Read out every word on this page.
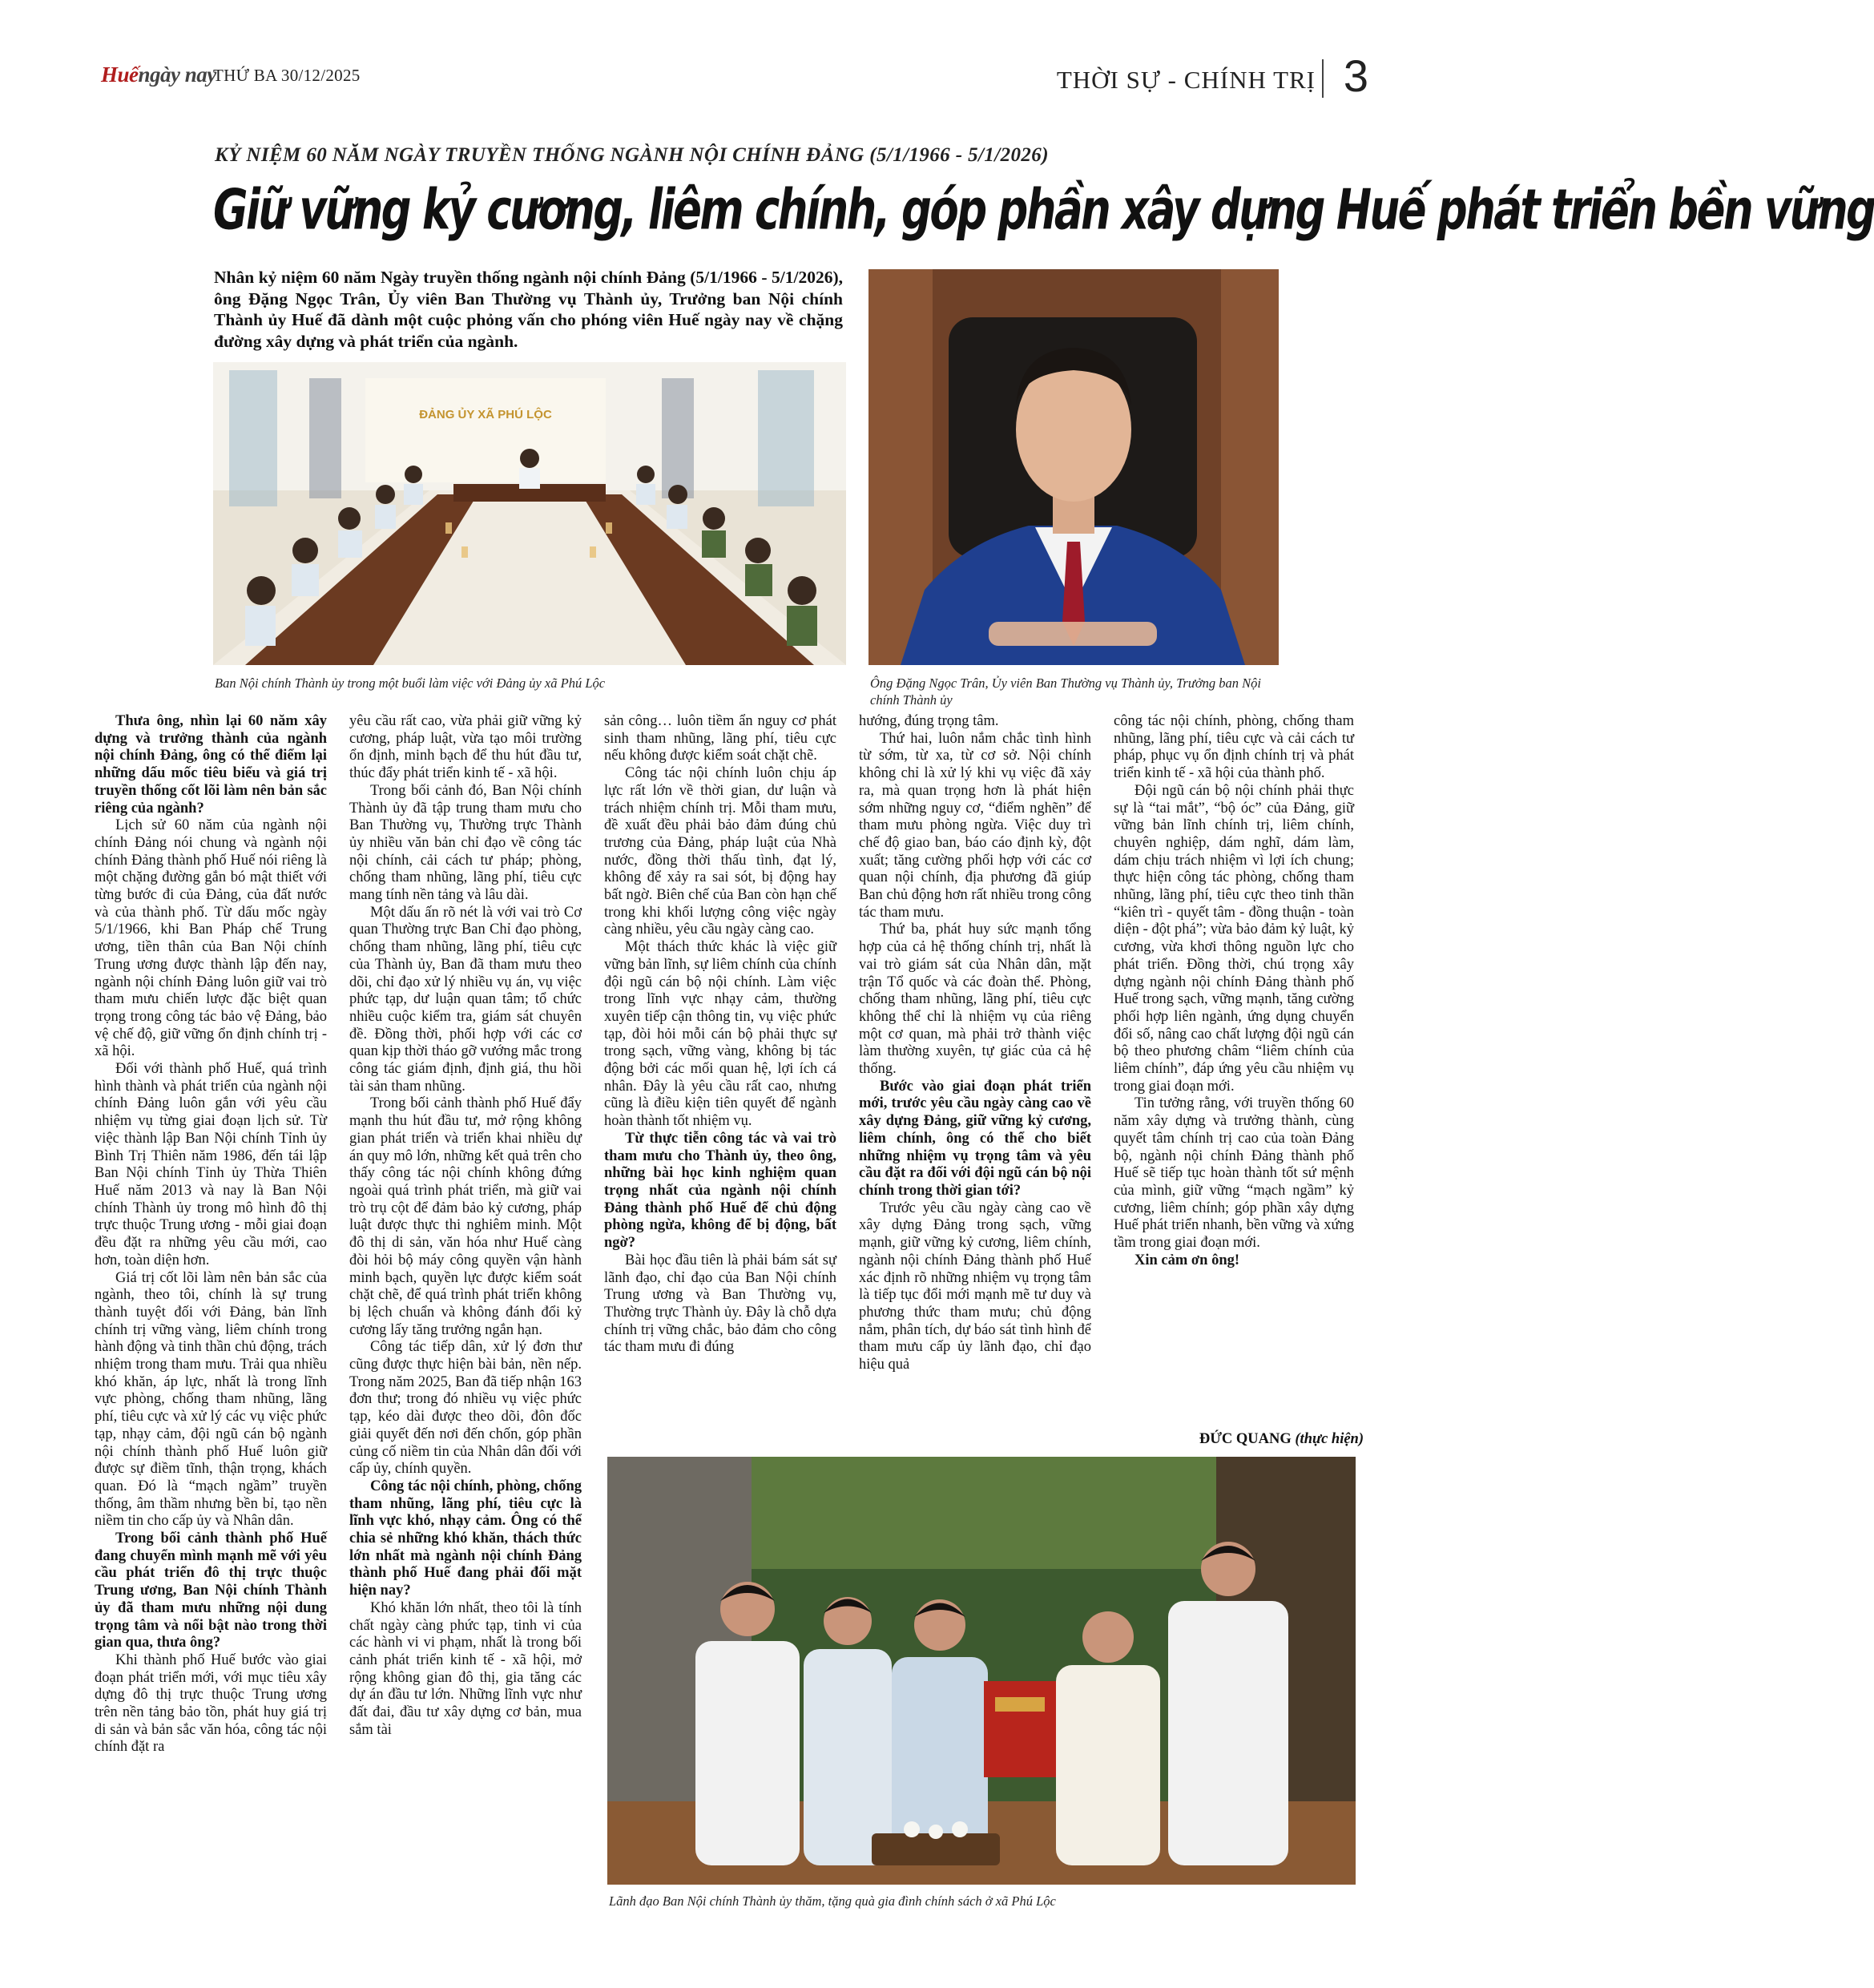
Huếngày nay
THỨ BA 30/12/2025	THỜI SỰ - CHÍNH TRỊ 3
KỶ NIỆM 60 NĂM NGÀY TRUYỀN THỐNG NGÀNH NỘI CHÍNH ĐẢNG (5/1/1966 - 5/1/2026)
Giữ vững kỷ cương, liêm chính, góp phần xây dựng Huế phát triển bền vững
Nhân kỷ niệm 60 năm Ngày truyền thống ngành nội chính Đảng (5/1/1966 - 5/1/2026), ông Đặng Ngọc Trân, Ủy viên Ban Thường vụ Thành ủy, Trưởng ban Nội chính Thành ủy Huế đã dành một cuộc phỏng vấn cho phóng viên Huế ngày nay về chặng đường xây dựng và phát triển của ngành.
ĐẢNG ỦY XÃ PHÚ LỘC
Ban Nội chính Thành ủy trong một buổi làm việc với Đảng ủy xã Phú Lộc	Ông Đặng Ngọc Trân, Ủy viên Ban Thường vụ Thành ủy, Trưởng ban Nội chính Thành ủy

Thưa ông, nhìn lại 60 năm xây dựng và trưởng thành của ngành nội chính Đảng, ông có thể điểm lại những dấu mốc tiêu biểu và giá trị truyền thống cốt lõi làm nên bản sắc riêng của ngành?

Lịch sử 60 năm của ngành nội chính Đảng nói chung và ngành nội chính Đảng thành phố Huế nói riêng là một chặng đường gắn bó mật thiết với từng bước đi của Đảng, của đất nước và của thành phố. Từ dấu mốc ngày 5/1/1966, khi Ban Pháp chế Trung ương, tiền thân của Ban Nội chính Trung ương được thành lập đến nay, ngành nội chính Đảng luôn giữ vai trò tham mưu chiến lược đặc biệt quan trọng trong công tác bảo vệ Đảng, bảo vệ chế độ, giữ vững ổn định chính trị - xã hội.

Đối với thành phố Huế, quá trình hình thành và phát triển của ngành nội chính Đảng luôn gắn với yêu cầu nhiệm vụ từng giai đoạn lịch sử. Từ việc thành lập Ban Nội chính Tỉnh ủy Bình Trị Thiên năm 1986, đến tái lập Ban Nội chính Tỉnh ủy Thừa Thiên Huế năm 2013 và nay là Ban Nội chính Thành ủy trong mô hình đô thị trực thuộc Trung ương - mỗi giai đoạn đều đặt ra những yêu cầu mới, cao hơn, toàn diện hơn.

Giá trị cốt lõi làm nên bản sắc của ngành, theo tôi, chính là sự trung thành tuyệt đối với Đảng, bản lĩnh chính trị vững vàng, liêm chính trong hành động và tinh thần chủ động, trách nhiệm trong tham mưu. Trải qua nhiều khó khăn, áp lực, nhất là trong lĩnh vực phòng, chống tham nhũng, lãng phí, tiêu cực và xử lý các vụ việc phức tạp, nhạy cảm, đội ngũ cán bộ ngành nội chính thành phố Huế luôn giữ được sự điềm tĩnh, thận trọng, khách quan. Đó là “mạch ngầm” truyền thống, âm thầm nhưng bền bỉ, tạo nền niềm tin cho cấp ủy và Nhân dân.

Trong bối cảnh thành phố Huế đang chuyển mình mạnh mẽ với yêu cầu phát triển đô thị trực thuộc Trung ương, Ban Nội chính Thành ủy đã tham mưu những nội dung trọng tâm và nổi bật nào trong thời gian qua, thưa ông?

Khi thành phố Huế bước vào giai đoạn phát triển mới, với mục tiêu xây dựng đô thị trực thuộc Trung ương trên nền tảng bảo tồn, phát huy giá trị di sản và bản sắc văn hóa, công tác nội chính đặt ra

yêu cầu rất cao, vừa phải giữ vững kỷ cương, pháp luật, vừa tạo môi trường ổn định, minh bạch để thu hút đầu tư, thúc đẩy phát triển kinh tế - xã hội.

Trong bối cảnh đó, Ban Nội chính Thành ủy đã tập trung tham mưu cho Ban Thường vụ, Thường trực Thành ủy nhiều văn bản chỉ đạo về công tác nội chính, cải cách tư pháp; phòng, chống tham nhũng, lãng phí, tiêu cực mang tính nền tảng và lâu dài.

Một dấu ấn rõ nét là với vai trò Cơ quan Thường trực Ban Chỉ đạo phòng, chống tham nhũng, lãng phí, tiêu cực của Thành ủy, Ban đã tham mưu theo dõi, chỉ đạo xử lý nhiều vụ án, vụ việc phức tạp, dư luận quan tâm; tổ chức nhiều cuộc kiểm tra, giám sát chuyên đề. Đồng thời, phối hợp với các cơ quan kịp thời tháo gỡ vướng mắc trong công tác giám định, định giá, thu hồi tài sản tham nhũng.

Trong bối cảnh thành phố Huế đẩy mạnh thu hút đầu tư, mở rộng không gian phát triển và triển khai nhiều dự án quy mô lớn, những kết quả trên cho thấy công tác nội chính không đứng ngoài quá trình phát triển, mà giữ vai trò trụ cột để đảm bảo kỷ cương, pháp luật được thực thi nghiêm minh. Một đô thị di sản, văn hóa như Huế càng đòi hỏi bộ máy công quyền vận hành minh bạch, quyền lực được kiểm soát chặt chẽ, để quá trình phát triển không bị lệch chuẩn và không đánh đổi kỷ cương lấy tăng trưởng ngắn hạn.

Công tác tiếp dân, xử lý đơn thư cũng được thực hiện bài bản, nền nếp. Trong năm 2025, Ban đã tiếp nhận 163 đơn thư; trong đó nhiều vụ việc phức tạp, kéo dài được theo dõi, đôn đốc giải quyết đến nơi đến chốn, góp phần củng cố niềm tin của Nhân dân đối với cấp ủy, chính quyền.

Công tác nội chính, phòng, chống tham nhũng, lãng phí, tiêu cực là lĩnh vực khó, nhạy cảm. Ông có thể chia sẻ những khó khăn, thách thức lớn nhất mà ngành nội chính Đảng thành phố Huế đang phải đối mặt hiện nay?

Khó khăn lớn nhất, theo tôi là tính chất ngày càng phức tạp, tinh vi của các hành vi vi phạm, nhất là trong bối cảnh phát triển kinh tế - xã hội, mở rộng không gian đô thị, gia tăng các dự án đầu tư lớn. Những lĩnh vực như đất đai, đầu tư xây dựng cơ bản, mua sắm tài

sản công… luôn tiềm ẩn nguy cơ phát sinh tham nhũng, lãng phí, tiêu cực nếu không được kiểm soát chặt chẽ.

Công tác nội chính luôn chịu áp lực rất lớn về thời gian, dư luận và trách nhiệm chính trị. Mỗi tham mưu, đề xuất đều phải bảo đảm đúng chủ trương của Đảng, pháp luật của Nhà nước, đồng thời thấu tình, đạt lý, không để xảy ra sai sót, bị động hay bất ngờ. Biên chế của Ban còn hạn chế trong khi khối lượng công việc ngày càng nhiều, yêu cầu ngày càng cao.

Một thách thức khác là việc giữ vững bản lĩnh, sự liêm chính của chính đội ngũ cán bộ nội chính. Làm việc trong lĩnh vực nhạy cảm, thường xuyên tiếp cận thông tin, vụ việc phức tạp, đòi hỏi mỗi cán bộ phải thực sự trong sạch, vững vàng, không bị tác động bởi các mối quan hệ, lợi ích cá nhân. Đây là yêu cầu rất cao, nhưng cũng là điều kiện tiên quyết để ngành hoàn thành tốt nhiệm vụ.

Từ thực tiễn công tác và vai trò tham mưu cho Thành ủy, theo ông, những bài học kinh nghiệm quan trọng nhất của ngành nội chính Đảng thành phố Huế để chủ động phòng ngừa, không để bị động, bất ngờ?

Bài học đầu tiên là phải bám sát sự lãnh đạo, chỉ đạo của Ban Nội chính Trung ương và Ban Thường vụ, Thường trực Thành ủy. Đây là chỗ dựa chính trị vững chắc, bảo đảm cho công tác tham mưu đi đúng

hướng, đúng trọng tâm.

Thứ hai, luôn nắm chắc tình hình từ sớm, từ xa, từ cơ sở. Nội chính không chỉ là xử lý khi vụ việc đã xảy ra, mà quan trọng hơn là phát hiện sớm những nguy cơ, “điểm nghẽn” để tham mưu phòng ngừa. Việc duy trì chế độ giao ban, báo cáo định kỳ, đột xuất; tăng cường phối hợp với các cơ quan nội chính, địa phương đã giúp Ban chủ động hơn rất nhiều trong công tác tham mưu.

Thứ ba, phát huy sức mạnh tổng hợp của cả hệ thống chính trị, nhất là vai trò giám sát của Nhân dân, mặt trận Tổ quốc và các đoàn thể. Phòng, chống tham nhũng, lãng phí, tiêu cực không thể chỉ là nhiệm vụ của riêng một cơ quan, mà phải trở thành việc làm thường xuyên, tự giác của cả hệ thống.

Bước vào giai đoạn phát triển mới, trước yêu cầu ngày càng cao về xây dựng Đảng, giữ vững kỷ cương, liêm chính, ông có thể cho biết những nhiệm vụ trọng tâm và yêu cầu đặt ra đối với đội ngũ cán bộ nội chính trong thời gian tới?

Trước yêu cầu ngày càng cao về xây dựng Đảng trong sạch, vững mạnh, giữ vững kỷ cương, liêm chính, ngành nội chính Đảng thành phố Huế xác định rõ những nhiệm vụ trọng tâm là tiếp tục đổi mới mạnh mẽ tư duy và phương thức tham mưu; chủ động nắm, phân tích, dự báo sát tình hình để tham mưu cấp ủy lãnh đạo, chỉ đạo hiệu quả

công tác nội chính, phòng, chống tham nhũng, lãng phí, tiêu cực và cải cách tư pháp, phục vụ ổn định chính trị và phát triển kinh tế - xã hội của thành phố.

Đội ngũ cán bộ nội chính phải thực sự là “tai mắt”, “bộ óc” của Đảng, giữ vững bản lĩnh chính trị, liêm chính, chuyên nghiệp, dám nghĩ, dám làm, dám chịu trách nhiệm vì lợi ích chung; thực hiện công tác phòng, chống tham nhũng, lãng phí, tiêu cực theo tinh thần “kiên trì - quyết tâm - đồng thuận - toàn diện - đột phá”; vừa bảo đảm kỷ luật, kỷ cương, vừa khơi thông nguồn lực cho phát triển. Đồng thời, chú trọng xây dựng ngành nội chính Đảng thành phố Huế trong sạch, vững mạnh, tăng cường phối hợp liên ngành, ứng dụng chuyển đổi số, nâng cao chất lượng đội ngũ cán bộ theo phương châm “liêm chính của liêm chính”, đáp ứng yêu cầu nhiệm vụ trong giai đoạn mới.

Tin tưởng rằng, với truyền thống 60 năm xây dựng và trưởng thành, cùng quyết tâm chính trị cao của toàn Đảng bộ, ngành nội chính Đảng thành phố Huế sẽ tiếp tục hoàn thành tốt sứ mệnh của mình, giữ vững “mạch ngầm” kỷ cương, liêm chính; góp phần xây dựng Huế phát triển nhanh, bền vững và xứng tầm trong giai đoạn mới.

Xin cảm ơn ông!

ĐỨC QUANG (thực hiện)
Lãnh đạo Ban Nội chính Thành ủy thăm, tặng quà gia đình chính sách ở xã Phú Lộc
